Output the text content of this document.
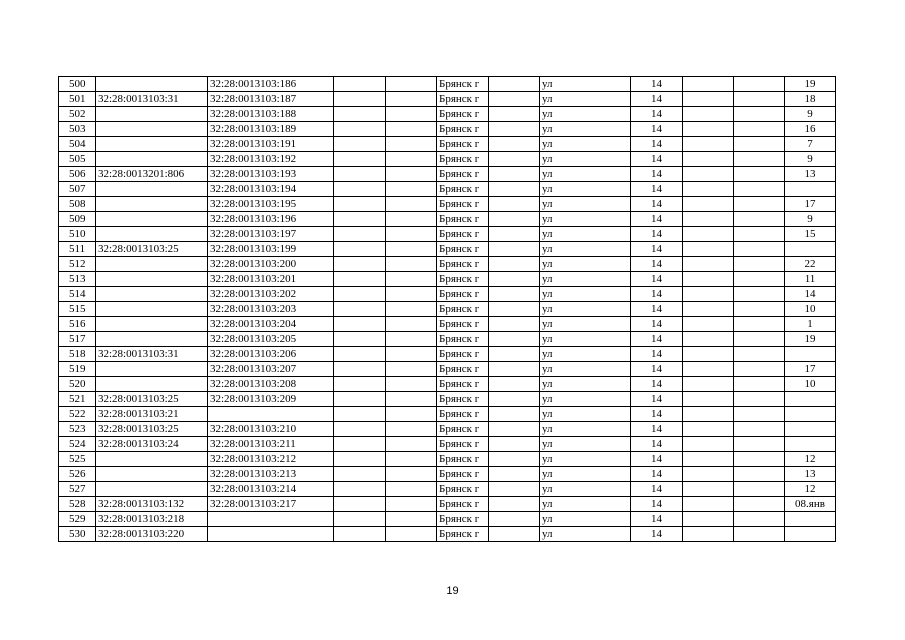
500		32:28:0013103:186			Брянск г		ул	14			19
501	32:28:0013103:31	32:28:0013103:187			Брянск г		ул	14			18
502		32:28:0013103:188			Брянск г		ул	14			9
503		32:28:0013103:189			Брянск г		ул	14			16
504		32:28:0013103:191			Брянск г		ул	14			7
505		32:28:0013103:192			Брянск г		ул	14			9
506	32:28:0013201:806	32:28:0013103:193			Брянск г		ул	14			13
507		32:28:0013103:194			Брянск г		ул	14			
508		32:28:0013103:195			Брянск г		ул	14			17
509		32:28:0013103:196			Брянск г		ул	14			9
510		32:28:0013103:197			Брянск г		ул	14			15
511	32:28:0013103:25	32:28:0013103:199			Брянск г		ул	14			
512		32:28:0013103:200			Брянск г		ул	14			22
513		32:28:0013103:201			Брянск г		ул	14			11
514		32:28:0013103:202			Брянск г		ул	14			14
515		32:28:0013103:203			Брянск г		ул	14			10
516		32:28:0013103:204			Брянск г		ул	14			1
517		32:28:0013103:205			Брянск г		ул	14			19
518	32:28:0013103:31	32:28:0013103:206			Брянск г		ул	14			
519		32:28:0013103:207			Брянск г		ул	14			17
520		32:28:0013103:208			Брянск г		ул	14			10
521	32:28:0013103:25	32:28:0013103:209			Брянск г		ул	14			
522	32:28:0013103:21				Брянск г		ул	14			
523	32:28:0013103:25	32:28:0013103:210			Брянск г		ул	14			
524	32:28:0013103:24	32:28:0013103:211			Брянск г		ул	14			
525		32:28:0013103:212			Брянск г		ул	14			12
526		32:28:0013103:213			Брянск г		ул	14			13
527		32:28:0013103:214			Брянск г		ул	14			12
528	32:28:0013103:132	32:28:0013103:217			Брянск г		ул	14			08.янв
529	32:28:0013103:218				Брянск г		ул	14			
530	32:28:0013103:220				Брянск г		ул	14			
19
